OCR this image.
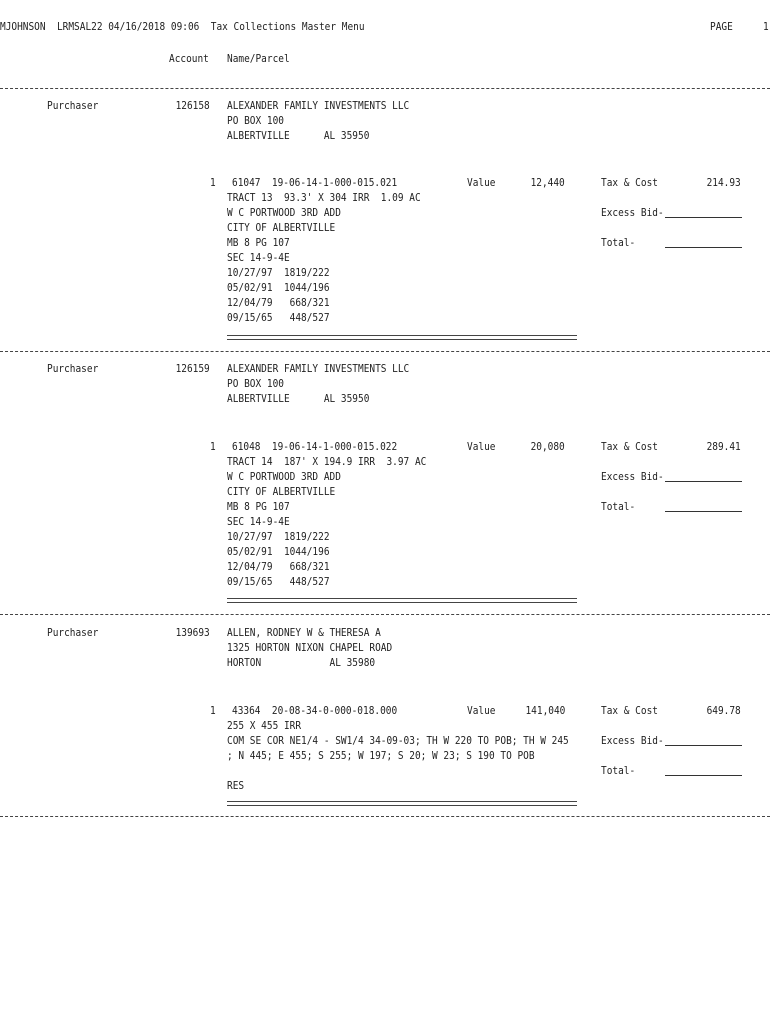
MJOHNSON LRMSAL22 04/16/2018 09:06 Tax Collections Master Menu	PAGE	1
Account Name/Parcel
Purchaser	126158 ALEXANDER FAMILY INVESTMENTS LLC
PO BOX 100
ALBERTVILLE      AL 35950
1 61047  19-06-14-1-000-015.021	Value	12,440	Tax & Cost	214.93
TRACT 13  93.3' X 304 IRR  1.09 AC
W C PORTWOOD 3RD ADD
CITY OF ALBERTVILLE
MB 8 PG 107
SEC 14-9-4E
10/27/97  1819/222
05/02/91  1044/196
12/04/79   668/321
09/15/65   448/527
Excess Bid-
Total-
Purchaser	126159 ALEXANDER FAMILY INVESTMENTS LLC
PO BOX 100
ALBERTVILLE      AL 35950
1 61048  19-06-14-1-000-015.022	Value	20,080	Tax & Cost	289.41
TRACT 14  187' X 194.9 IRR  3.97 AC
W C PORTWOOD 3RD ADD
CITY OF ALBERTVILLE
MB 8 PG 107
SEC 14-9-4E
10/27/97  1819/222
05/02/91  1044/196
12/04/79   668/321
09/15/65   448/527
Excess Bid-
Total-
Purchaser	139693 ALLEN, RODNEY W & THERESA A
1325 HORTON NIXON CHAPEL ROAD
HORTON            AL 35980
1 43364  20-08-34-0-000-018.000	Value	141,040	Tax & Cost	649.78
255 X 455 IRR
COM SE COR NE1/4 - SW1/4 34-09-03; TH W 220 TO POB; TH W 245
; N 445; E 455; S 255; W 197; S 20; W 23; S 190 TO POB
RES
Excess Bid-
Total-
